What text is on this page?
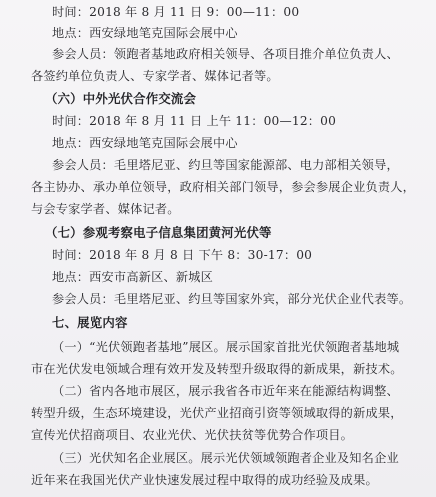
时间：2018 年 8 月 11 日 9：00—11：00
地点：西安绿地笔克国际会展中心
参会人员：领跑者基地政府相关领导、各项目推介单位负责人、
各签约单位负责人、专家学者、媒体记者等。
（六）中外光伏合作交流会
时间：2018 年 8 月 11 日 上午 11：00—12：00
地点：西安绿地笔克国际会展中心
参会人员：毛里塔尼亚、约旦等国家能源部、电力部相关领导，
各主协办、承办单位领导，政府相关部门领导，参会参展企业负责人，
与会专家学者、媒体记者。
（七）参观考察电子信息集团黄河光伏等
时间：2018 年 8 月 8 日 下午 8：30-17：00
地点：西安市高新区、新城区
参会人员：毛里塔尼亚、约旦等国家外宾，部分光伏企业代表等。
七、展览内容
（一）“光伏领跑者基地”展区。展示国家首批光伏领跑者基地城
市在光伏发电领域合理有效开发及转型升级取得的新成果，新技术。
（二）省内各地市展区，展示我省各市近年来在能源结构调整、
转型升级，生态环境建设，光伏产业招商引资等领域取得的新成果，
宣传光伏招商项目、农业光伏、光伏扶贫等优势合作项目。
（三）光伏知名企业展区。展示光伏领域领跑者企业及知名企业
近年来在我国光伏产业快速发展过程中取得的成功经验及成果。
